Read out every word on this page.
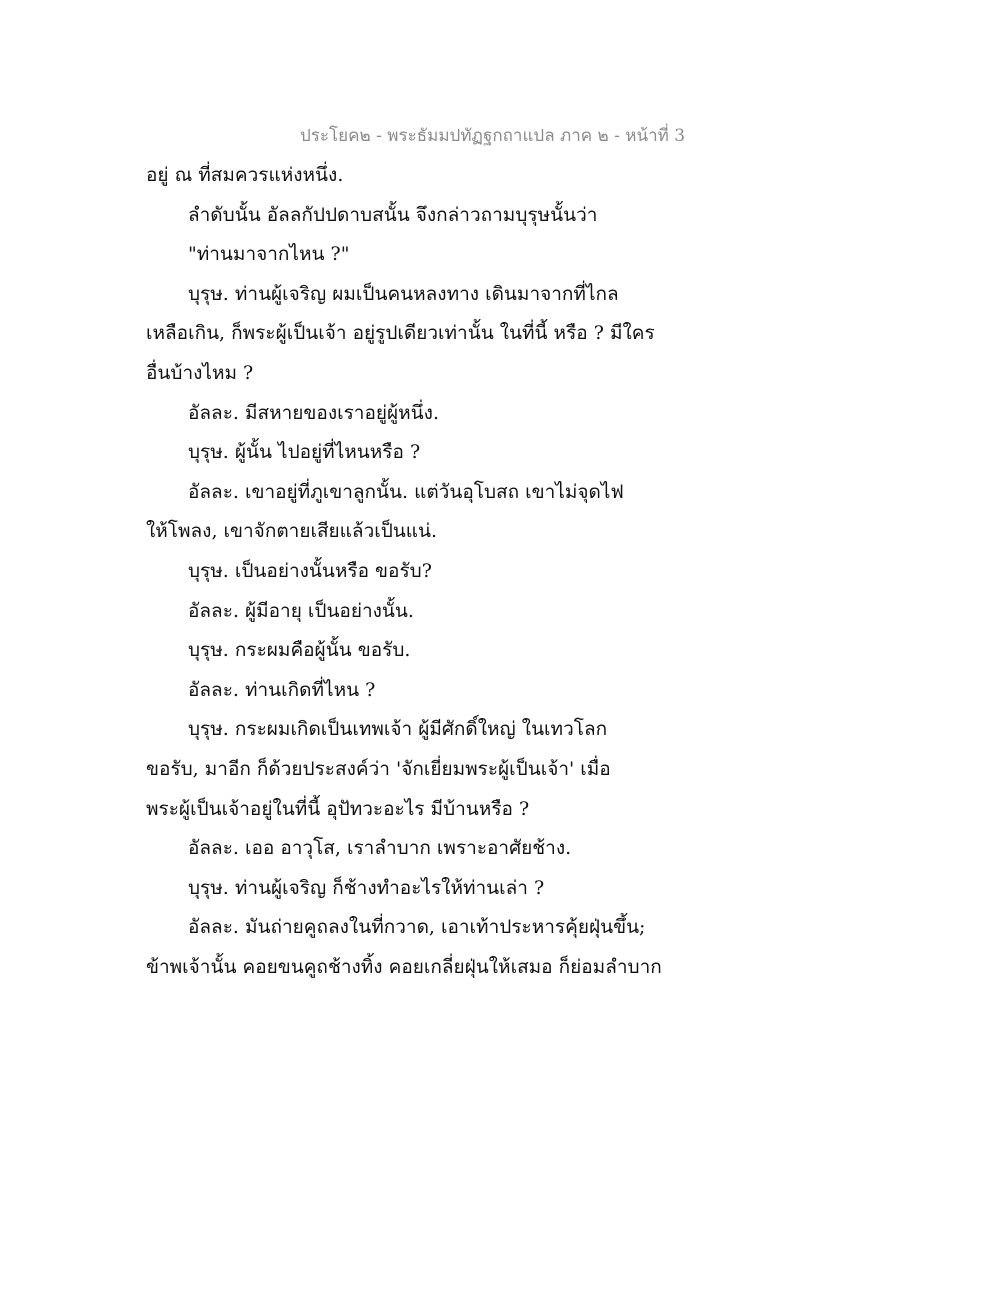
ประโยค๒ - พระธัมมปทัฏฐกถาแปล ภาค ๒ - หน้าที่ 3
อยู่ ณ ที่สมควรแห่งหนึ่ง.
ลำดับนั้น อัลลกัปปดาบสนั้น จึงกล่าวถามบุรุษนั้นว่า
"ท่านมาจากไหน ?"
บุรุษ. ท่านผู้เจริญ ผมเป็นคนหลงทาง เดินมาจากที่ไกล
เหลือเกิน, ก็พระผู้เป็นเจ้า อยู่รูปเดียวเท่านั้น ในที่นี้ หรือ ? มีใคร
อื่นบ้างไหม ?
อัลละ. มีสหายของเราอยู่ผู้หนึ่ง.
บุรุษ. ผู้นั้น ไปอยู่ที่ไหนหรือ ?
อัลละ. เขาอยู่ที่ภูเขาลูกนั้น. แต่วันอุโบสถ เขาไม่จุดไฟ
ให้โพลง, เขาจักตายเสียแล้วเป็นแน่.
บุรุษ. เป็นอย่างนั้นหรือ ขอรับ?
อัลละ. ผู้มีอายุ เป็นอย่างนั้น.
บุรุษ. กระผมคือผู้นั้น ขอรับ.
อัลละ. ท่านเกิดที่ไหน ?
บุรุษ. กระผมเกิดเป็นเทพเจ้า ผู้มีศักดิ์ใหญ่ ในเทวโลก
ขอรับ, มาอีก ก็ด้วยประสงค์ว่า 'จักเยี่ยมพระผู้เป็นเจ้า' เมื่อ
พระผู้เป็นเจ้าอยู่ในที่นี้ อุปัทวะอะไร มีบ้านหรือ ?
อัลละ. เออ อาวุโส, เราลำบาก เพราะอาศัยช้าง.
บุรุษ. ท่านผู้เจริญ ก็ช้างทำอะไรให้ท่านเล่า ?
อัลละ. มันถ่ายคูถลงในที่กวาด, เอาเท้าประหารคุ้ยฝุ่นขึ้น;
ข้าพเจ้านั้น คอยขนคูถช้างทิ้ง คอยเกลี่ยฝุ่นให้เสมอ ก็ย่อมลำบาก
